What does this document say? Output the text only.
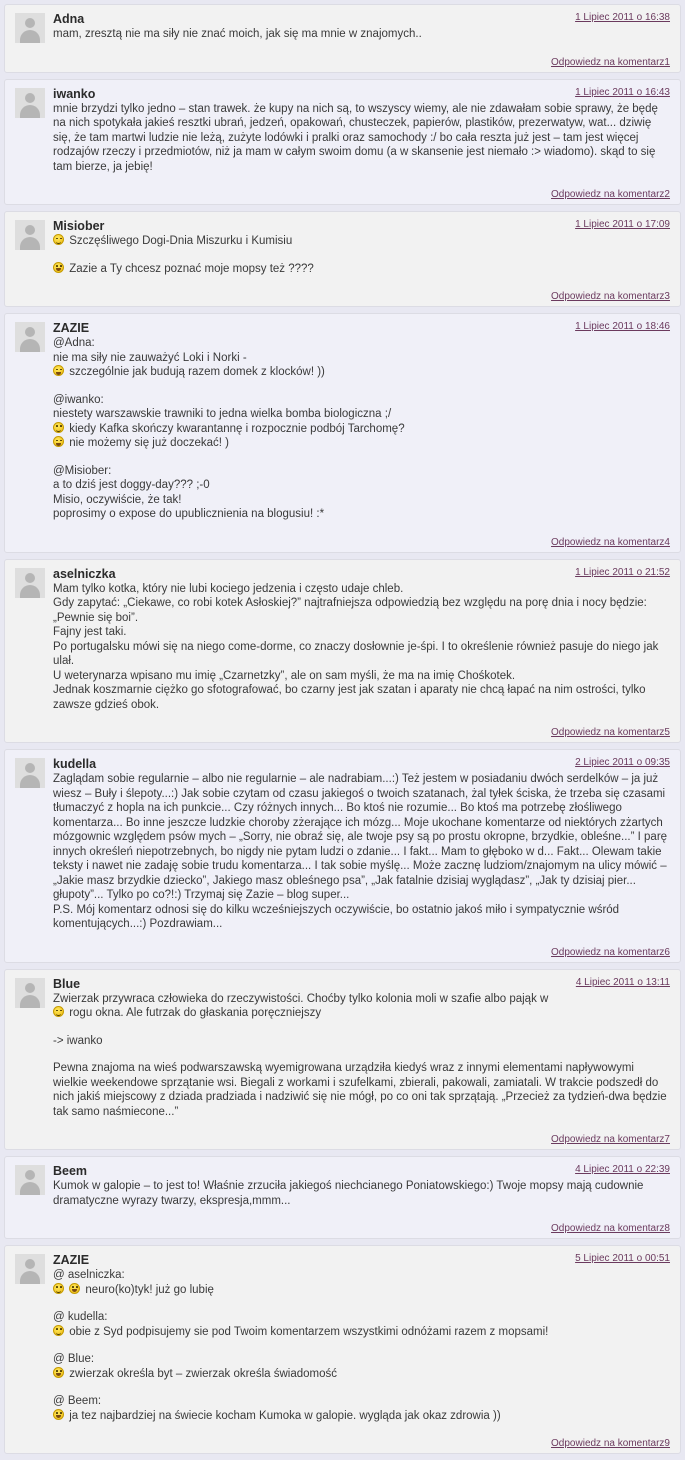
1 Lipiec 2011 o 16:38
Adna

mam, zresztą nie ma siły nie znać moich, jak się ma mnie w znajomych..

Odpowiedz na komentarz1
1 Lipiec 2011 o 16:43
iwanko

mnie brzydzi tylko jedno – stan trawek. że kupy na nich są, to wszyscy wiemy, ale nie zdawałam sobie sprawy, że będę na nich spotykała jakieś resztki ubrań, jedzeń, opakowań, chusteczek, papierów, plastików, prezerwatyw, wat... dziwię się, że tam martwi ludzie nie leżą, zużyte lodówki i pralki oraz samochody :/ bo cała reszta już jest – tam jest więcej rodzajów rzeczy i przedmiotów, niż ja mam w całym swoim domu (a w skansenie jest niemało :> wiadomo). skąd to się tam bierze, ja jebię!

Odpowiedz na komentarz2
1 Lipiec 2011 o 17:09
Misiober

Szczęśliwego Dogi-Dnia Miszurku i Kumisiu

Zazie a Ty chcesz poznać moje mopsy też ????

Odpowiedz na komentarz3
1 Lipiec 2011 o 18:46
ZAZIE

@Adna:
nie ma siły nie zauważyć Loki i Norki -
szczególnie jak budują razem domek z klocków! ))

@iwanko:
niestety warszawskie trawniki to jedna wielka bomba biologiczna ;/
kiedy Kafka skończy kwarantannę i rozpocznie podbój Tarchomę?
nie możemy się już doczekać! )

@Misiober:
a to dziś jest doggy-day??? ;-0
Misio, oczywiście, że tak!
poprosimy o expose do upublicznienia na blogusiu! :*

Odpowiedz na komentarz4
1 Lipiec 2011 o 21:52
aselniczka

Mam tylko kotka, który nie lubi kociego jedzenia i często udaje chleb.
Gdy zapytać: „Ciekawe, co robi kotek Asłoskiej?” najtrafniejsza odpowiedzią bez względu na porę dnia i nocy będzie: „Pewnie się boi”.
Fajny jest taki.
Po portugalsku mówi się na niego come-dorme, co znaczy dosłownie je-śpi. I to określenie również pasuje do niego jak ulał.
U weterynarza wpisano mu imię „Czarnetzky”, ale on sam myśli, że ma na imię Chośkotek.
Jednak koszmarnie ciężko go sfotografować, bo czarny jest jak szatan i aparaty nie chcą łapać na nim ostrości, tylko zawsze gdzieś obok.

Odpowiedz na komentarz5
2 Lipiec 2011 o 09:35
kudella

Zaglądam sobie regularnie – albo nie regularnie – ale nadrabiam...:) Też jestem w posiadaniu dwóch serdelków – ja już wiesz – Buły i ślepoty...:) Jak sobie czytam od czasu jakiegoś o twoich szatanach, żal tyłek ściska, że trzeba się czasami tłumaczyć z hopla na ich punkcie... Czy różnych innych... Bo ktoś nie rozumie... Bo ktoś ma potrzebę złośliwego komentarza... Bo inne jeszcze ludzkie choroby zżerające ich mózg... Moje ukochane komentarze od niektórych zżartych mózgownic względem psów mych – „Sorry, nie obraź się, ale twoje psy są po prostu okropne, brzydkie, obleśne...” I parę innych określeń niepotrzebnych, bo nigdy nie pytam ludzi o zdanie... I fakt... Mam to głęboko w d... Fakt... Olewam takie teksty i nawet nie zadaję sobie trudu komentarza... I tak sobie myślę... Może zacznę ludziom/znajomym na ulicy mówić – „Jakie masz brzydkie dziecko”, Jakiego masz obleśnego psa”, „Jak fatalnie dzisiaj wyglądasz”, „Jak ty dzisiaj pier... głupoty”... Tylko po co?!:) Trzymaj się Zazie – blog super...
P.S. Mój komentarz odnosi się do kilku wcześniejszych oczywiście, bo ostatnio jakoś miło i sympatycznie wśród komentujących...:) Pozdrawiam...

Odpowiedz na komentarz6
4 Lipiec 2011 o 13:11
Blue

Zwierzak przywraca człowieka do rzeczywistości. Choćby tylko kolonia moli w szafie albo pająk w
rogu okna. Ale futrzak do głaskania poręczniejszy

-> iwanko

Pewna znajoma na wieś podwarszawską wyemigrowana urządziła kiedyś wraz z innymi elementami napływowymi wielkie weekendowe sprzątanie wsi. Biegali z workami i szufelkami, zbierali, pakowali, zamiatali. W trakcie podszedł do nich jakiś miejscowy z dziada pradziada i nadziwić się nie mógł, po co oni tak sprzątają. „Przecież za tydzień-dwa będzie tak samo naśmiecone...”

Odpowiedz na komentarz7
4 Lipiec 2011 o 22:39
Beem

Kumok w galopie – to jest to! Właśnie zrzuciła jakiegoś niechcianego Poniatowskiego:) Twoje mopsy mają cudownie dramatyczne wyrazy twarzy, ekspresja,mmm...

Odpowiedz na komentarz8
5 Lipiec 2011 o 00:51
ZAZIE

@ aselniczka:
neuro(ko)tyk! już go lubię

@ kudella:
obie z Syd podpisujemy sie pod Twoim komentarzem wszystkimi odnóżami razem z mopsami!

@ Blue:
zwierzak określa byt – zwierzak określa świadomość

@ Beem:
ja tez najbardziej na świecie kocham Kumoka w galopie. wygląda jak okaz zdrowia ))

Odpowiedz na komentarz9
